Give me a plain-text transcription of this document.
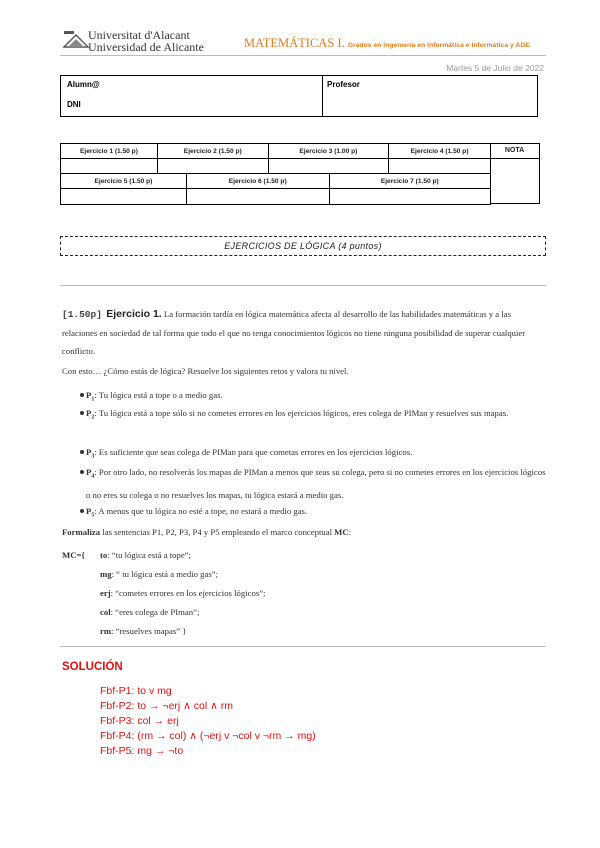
Universitat d'Alacant
Universidad de Alicante	MATEMÁTICAS I. Grados en Ingeniería en Informática e Informática y ADE
Martes 5 de Julio de 2022
Alumn@
DNI
Profesor
Ejercicio 1 (1.50 p)	Ejercicio 2 (1.50 p)	Ejercicio 3 (1.00 p)	Ejercicio 4 (1.50 p)

Ejercicio 5 (1.50 p)	Ejercicio 6 (1.50 p)	Ejercicio 7 (1.50 p)

NOTA
EJERCICIOS DE LÓGICA (4 puntos)
[1.50p] Ejercicio 1. La formación tardía en lógica matemática afecta al desarrollo de las habilidades matemáticas y a las relaciones en sociedad de tal forma que todo el que no tenga conocimientos lógicos no tiene ninguna posibilidad de superar cualquier conflicto.
Con esto… ¿Cómo estás de lógica? Resuelve los siguientes retos y valora tu nivel.
$P_1$: Tu lógica está a tope o a medio gas.
$P_2$: Tu lógica está a tope sólo si no cometes errores en los ejercicios lógicos, eres colega de PIMan y resuelves sus mapas.
$P_3$: Es suficiente que seas colega de PIMan para que cometas errores en los ejercicios lógicos.
$P_4$: Por otro lado, no resolverás los mapas de PIMan a menos que seas su colega, pero si no cometes errores en los ejercicios lógicos o no eres su colega o no resuelves los mapas, tu lógica estará a medio gas.
$P_5$: A menos que tu lógica no esté a tope, no estará a medio gas.
Formaliza las sentencias P1, P2, P3, P4 y P5 empleando el marco conceptual MC:
MC={	to: “tu lógica está a tope”;
mg: “ tu lógica está a medio gas”;
erj: “cometes errores en los ejercicios lógicos”;
col: “eres colega de PIman”;
rm: “resuelves mapas” }
SOLUCIÓN
Fbf-P1: to v mg
Fbf-P2: to → ¬erj ∧ col ∧ rm
Fbf-P3: col → erj
Fbf-P4: (rm → col) ∧ (¬erj v ¬col v ¬rm → mg)
Fbf-P5: mg → ¬to
